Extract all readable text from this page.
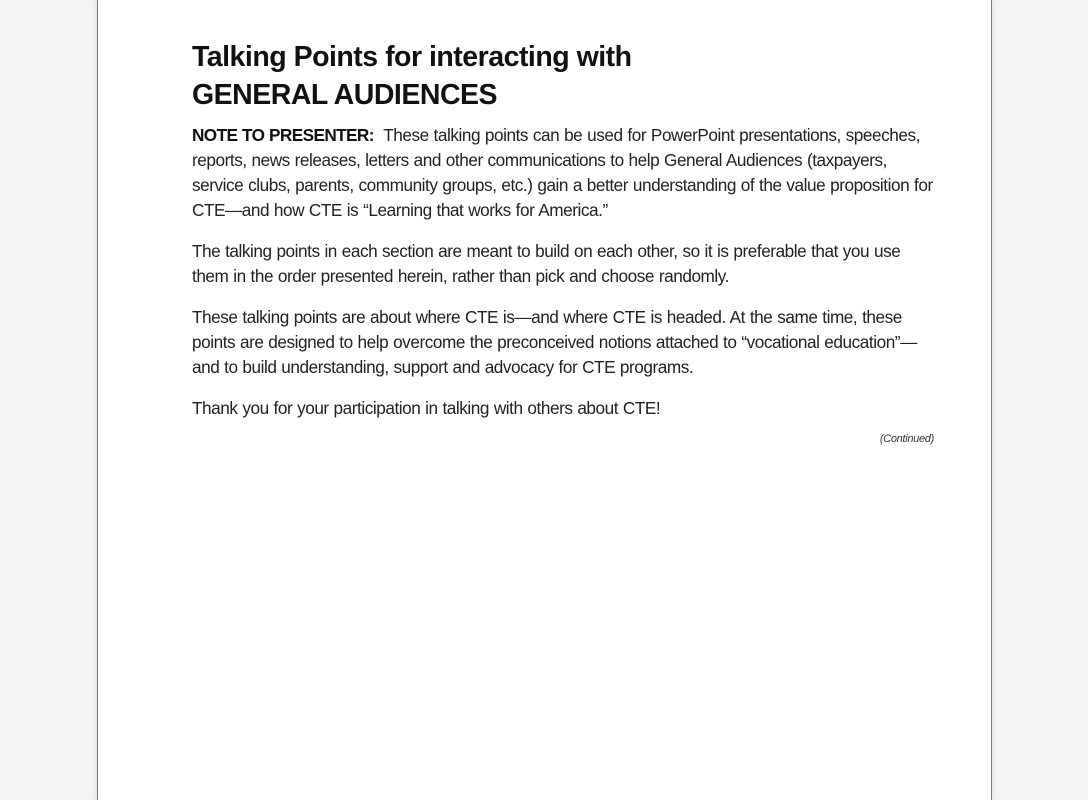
Talking Points for interacting with
GENERAL AUDIENCES

NOTE TO PRESENTER: These talking points can be used for PowerPoint presentations, speeches, reports, news releases, letters and other communications to help General Audiences (taxpayers, service clubs, parents, community groups, etc.) gain a better understanding of the value proposition for CTE—and how CTE is “Learning that works for America.”

The talking points in each section are meant to build on each other, so it is preferable that you use them in the order presented herein, rather than pick and choose randomly.

These talking points are about where CTE is—and where CTE is headed. At the same time, these points are designed to help overcome the preconceived notions attached to “vocational education”—and to build understanding, support and advocacy for CTE programs.

Thank you for your participation in talking with others about CTE!

(Continued)
